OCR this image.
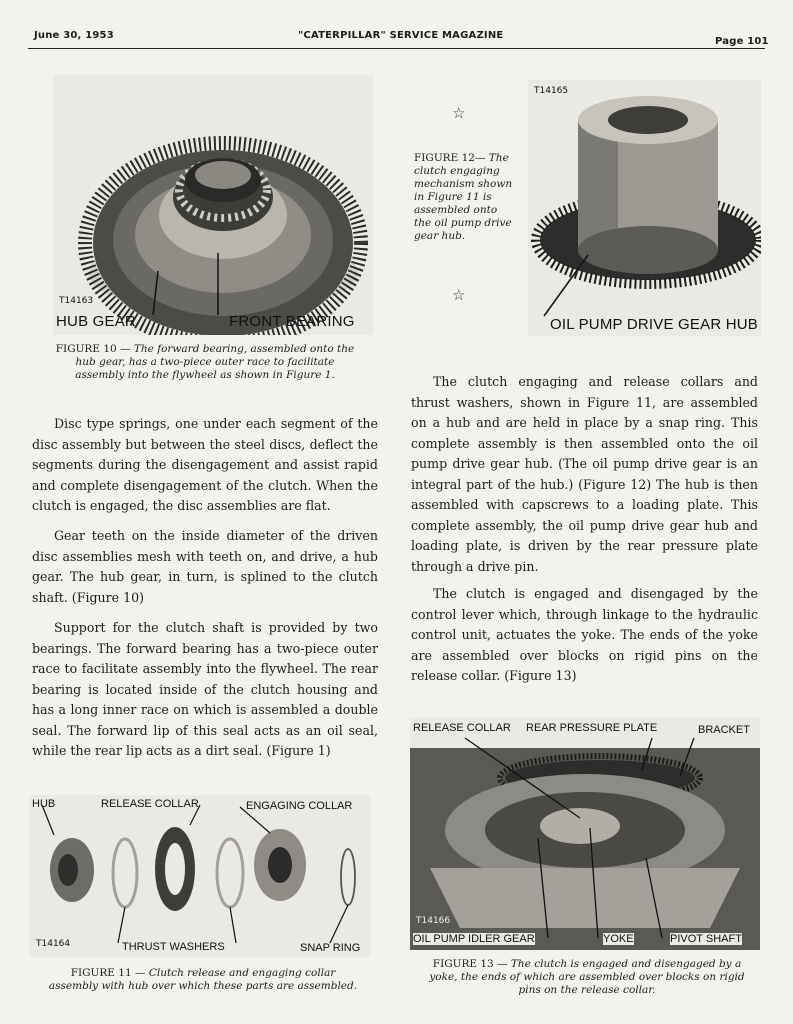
June 30, 1953	"CATERPILLAR" SERVICE MAGAZINE
Page 101
T14163
HUB GEAR	FRONT BEARING
FIGURE 10 — The forward bearing, assembled onto the hub gear, has a two-piece outer race to facilitate assembly into the flywheel as shown in Figure 1.
T14165
OIL PUMP DRIVE GEAR HUB
☆
FIGURE 12— The clutch engaging mechanism shown in Figure 11 is assembled onto the oil pump drive gear hub.
☆

Disc type springs, one under each segment of the disc assembly but between the steel discs, deflect the segments during the disengagement and assist rapid and complete disengagement of the clutch. When the clutch is engaged, the disc assemblies are flat.

Gear teeth on the inside diameter of the driven disc assemblies mesh with teeth on, and drive, a hub gear. The hub gear, in turn, is splined to the clutch shaft. (Figure 10)

Support for the clutch shaft is provided by two bearings. The forward bearing has a two-piece outer race to facilitate assembly into the flywheel. The rear bearing is located inside of the clutch housing and has a long inner race on which is assembled a double seal. The forward lip of this seal acts as an oil seal, while the rear lip acts as a dirt seal. (Figure 1)

The clutch engaging and release collars and thrust washers, shown in Figure 11, are assembled on a hub and are held in place by a snap ring. This complete assembly is then assembled onto the oil pump drive gear hub. (The oil pump drive gear is an integral part of the hub.) (Figure 12) The hub is then assembled with capscrews to a loading plate. This complete assembly, the oil pump drive gear hub and loading plate, is driven by the rear pressure plate through a drive pin.

The clutch is engaged and disengaged by the control lever which, through linkage to the hydraulic control unit, actuates the yoke. The ends of the yoke are assembled over blocks on rigid pins on the release collar. (Figure 13)

HUB	RELEASE COLLAR	ENGAGING COLLAR
T14164	THRUST WASHERS	SNAP RING
FIGURE 11 — Clutch release and engaging collar assembly with hub over which these parts are assembled.
RELEASE COLLAR REAR PRESSURE PLATE	BRACKET
T14166
OIL PUMP IDLER GEAR	YOKE	PIVOT SHAFT
FIGURE 13 — The clutch is engaged and disengaged by a yoke, the ends of which are assembled over blocks on rigid pins on the release collar.
